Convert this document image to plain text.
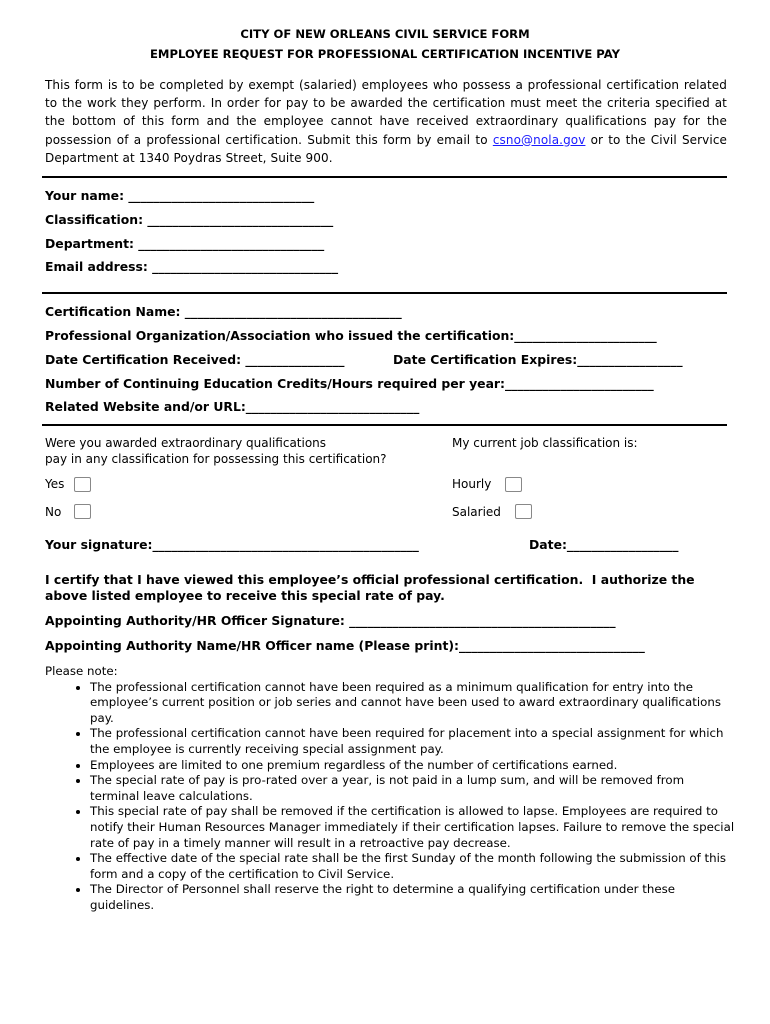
CITY OF NEW ORLEANS CIVIL SERVICE FORM
EMPLOYEE REQUEST FOR PROFESSIONAL CERTIFICATION INCENTIVE PAY
This form is to be completed by exempt (salaried) employees who possess a professional certification related to the work they perform. In order for pay to be awarded the certification must meet the criteria specified at the bottom of this form and the employee cannot have received extraordinary qualifications pay for the possession of a professional certification. Submit this form by email to csno@nola.gov or to the Civil Service Department at 1340 Poydras Street, Suite 900.
Your name: ______________________________
Classification: ______________________________
Department: ______________________________
Email address: ______________________________
Certification Name: ___________________________________
Professional Organization/Association who issued the certification:_______________________
Date Certification Received: ________________	Date Certification Expires:_________________
Number of Continuing Education Credits/Hours required per year:________________________
Related Website and/or URL:____________________________
Were you awarded extraordinary qualifications
pay in any classification for possessing this certification?
My current job classification is:
Yes
No
Hourly
Salaried
Your signature:___________________________________________	Date:__________________
I certify that I have viewed this employee’s official professional certification.  I authorize the
above listed employee to receive this special rate of pay.
Appointing Authority/HR Officer Signature: ___________________________________________
Appointing Authority Name/HR Officer name (Please print):______________________________
Please note:
• The professional certification cannot have been required as a minimum qualification for entry into the employee’s current position or job series and cannot have been used to award extraordinary qualifications pay.
• The professional certification cannot have been required for placement into a special assignment for which the employee is currently receiving special assignment pay.
• Employees are limited to one premium regardless of the number of certifications earned.
• The special rate of pay is pro-rated over a year, is not paid in a lump sum, and will be removed from terminal leave calculations.
• This special rate of pay shall be removed if the certification is allowed to lapse. Employees are required to notify their Human Resources Manager immediately if their certification lapses. Failure to remove the special rate of pay in a timely manner will result in a retroactive pay decrease.
• The effective date of the special rate shall be the first Sunday of the month following the submission of this form and a copy of the certification to Civil Service.
• The Director of Personnel shall reserve the right to determine a qualifying certification under these guidelines.
